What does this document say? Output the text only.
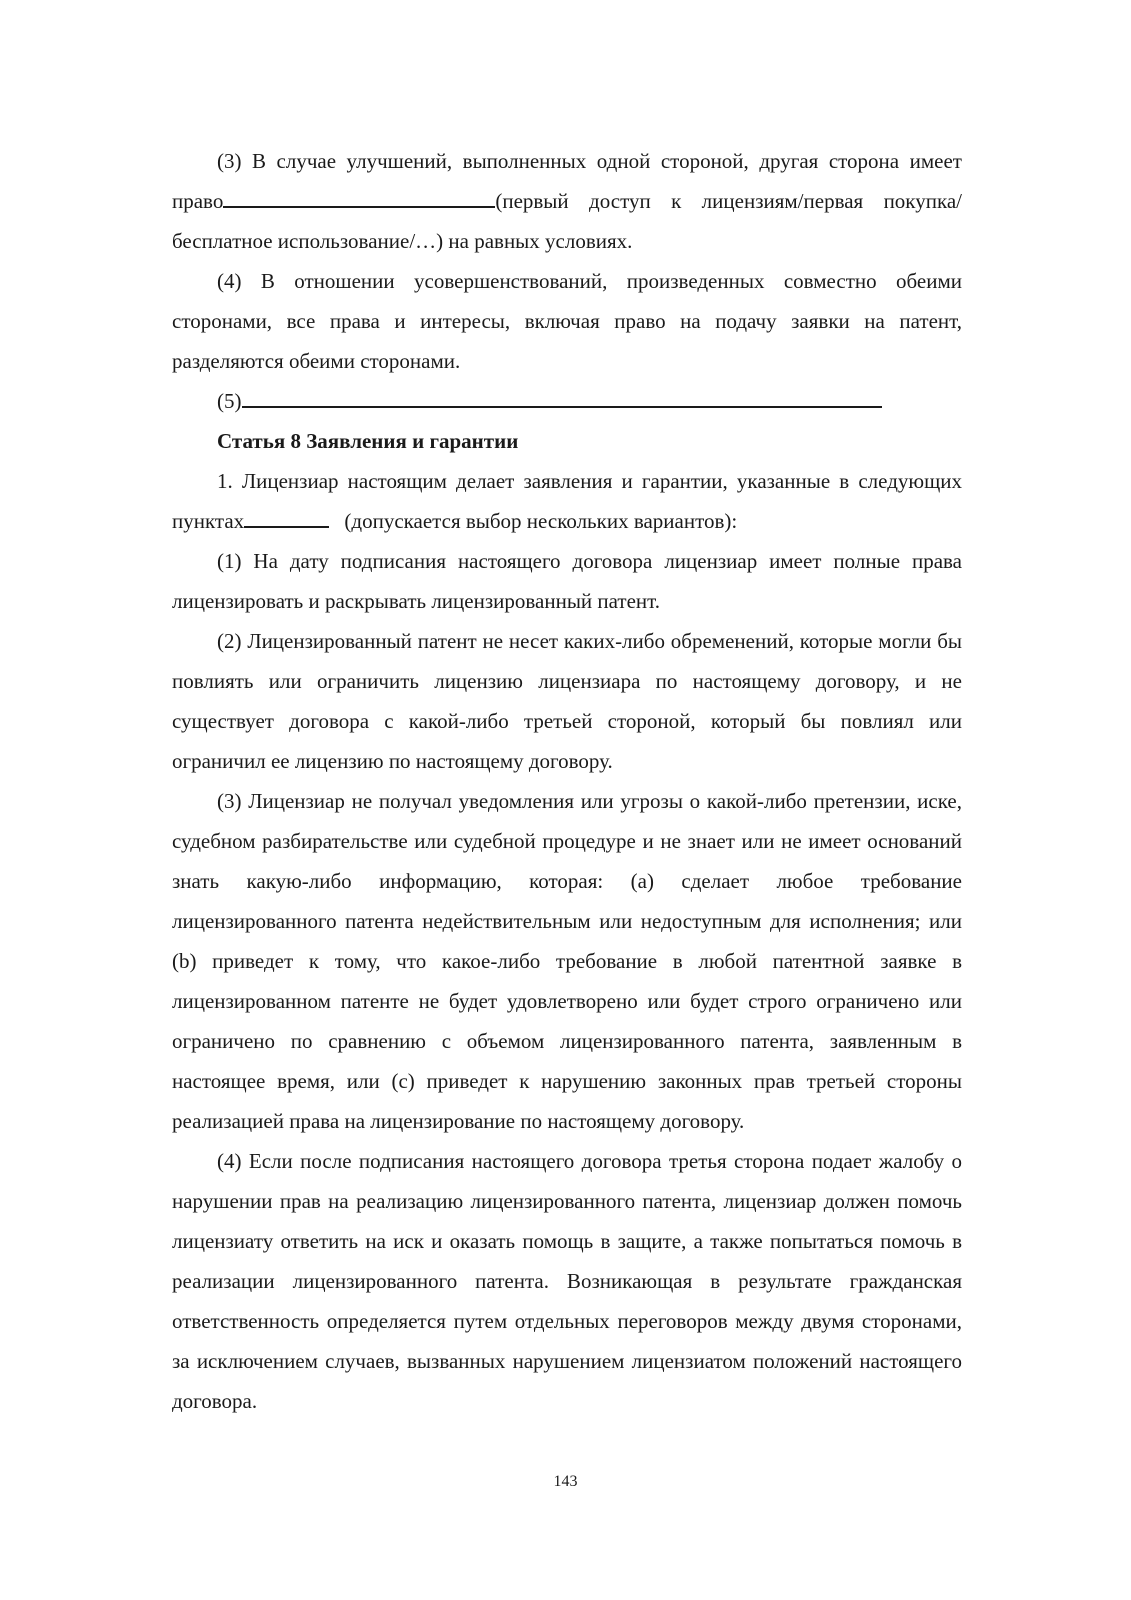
(3) В случае улучшений, выполненных одной стороной, другая сторона имеет право	(первый доступ к лицензиям/первая покупка/бесплатное использование/…) на равных условиях.

(4) В отношении усовершенствований, произведенных совместно обеими сторонами, все права и интересы, включая право на подачу заявки на патент, разделяются обеими сторонами.

(5)

Статья 8 Заявления и гарантии

1. Лицензиар настоящим делает заявления и гарантии, указанные в следующих пунктах	(допускается выбор нескольких вариантов):

(1) На дату подписания настоящего договора лицензиар имеет полные права лицензировать и раскрывать лицензированный патент.

(2) Лицензированный патент не несет каких-либо обременений, которые могли бы повлиять или ограничить лицензию лицензиара по настоящему договору, и не существует договора с какой-либо третьей стороной, который бы повлиял или ограничил ее лицензию по настоящему договору.

(3) Лицензиар не получал уведомления или угрозы о какой-либо претензии, иске, судебном разбирательстве или судебной процедуре и не знает или не имеет оснований знать какую-либо информацию, которая: (a) сделает любое требование лицензированного патента недействительным или недоступным для исполнения; или (b) приведет к тому, что какое-либо требование в любой патентной заявке в лицензированном патенте не будет удовлетворено или будет строго ограничено или ограничено по сравнению с объемом лицензированного патента, заявленным в настоящее время, или (c) приведет к нарушению законных прав третьей стороны реализацией права на лицензирование по настоящему договору.

(4) Если после подписания настоящего договора третья сторона подает жалобу о нарушении прав на реализацию лицензированного патента, лицензиар должен помочь лицензиату ответить на иск и оказать помощь в защите, а также попытаться помочь в реализации лицензированного патента. Возникающая в результате гражданская ответственность определяется путем отдельных переговоров между двумя сторонами, за исключением случаев, вызванных нарушением лицензиатом положений настоящего договора.

143
